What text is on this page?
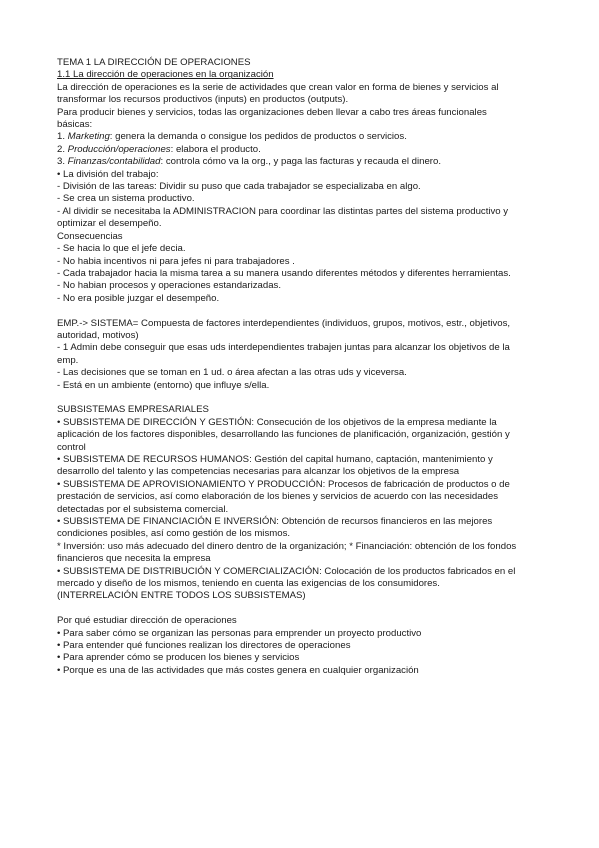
TEMA 1 LA DIRECCIÓN DE OPERACIONES
1.1 La dirección de operaciones en la organización
La dirección de operaciones es la serie de actividades que crean valor en forma de bienes y servicios al
transformar los recursos productivos (inputs) en productos (outputs).
Para producir bienes y servicios, todas las organizaciones deben llevar a cabo tres áreas funcionales
básicas:
1. Marketing: genera la demanda o consigue los pedidos de productos o servicios.
2. Producción/operaciones: elabora el producto.
3. Finanzas/contabilidad: controla cómo va la org., y paga las facturas y recauda el dinero.
• La división del trabajo:
- División de las tareas: Dividir su puso que cada trabajador se especializaba en algo.
- Se crea un sistema productivo.
- Al dividir se necesitaba la ADMINISTRACION para coordinar las distintas partes del sistema productivo y
optimizar el desempeño.
Consecuencias
- Se hacia lo que el jefe decia.
- No habia incentivos ni para jefes ni para trabajadores .
- Cada trabajador hacia la misma tarea a su manera usando diferentes métodos y diferentes herramientas.
- No habian procesos y operaciones estandarizadas.
- No era posible juzgar el desempeño.
EMP.-> SISTEMA= Compuesta de factores interdependientes (individuos, grupos, motivos, estr., objetivos,
autoridad, motivos)
- 1 Admin debe conseguir que esas uds interdependientes trabajen juntas para alcanzar los objetivos de la
emp.
- Las decisiones que se toman en 1 ud. o área afectan a las otras uds y viceversa.
- Está en un ambiente (entorno) que influye s/ella.
SUBSISTEMAS EMPRESARIALES
• SUBSISTEMA DE DIRECCIÓN Y GESTIÓN: Consecución de los objetivos de la empresa mediante la
aplicación de los factores disponibles, desarrollando las funciones de planificación, organización, gestión y
control
• SUBSISTEMA DE RECURSOS HUMANOS: Gestión del capital humano, captación, mantenimiento y
desarrollo del talento y las competencias necesarias para alcanzar los objetivos de la empresa
• SUBSISTEMA DE APROVISIONAMIENTO Y PRODUCCIÓN: Procesos de fabricación de productos o de
prestación de servicios, así como elaboración de los bienes y servicios de acuerdo con las necesidades
detectadas por el subsistema comercial.
• SUBSISTEMA DE FINANCIACIÓN E INVERSIÓN: Obtención de recursos financieros en las mejores
condiciones posibles, así como gestión de los mismos.
* Inversión: uso más adecuado del dinero dentro de la organización; * Financiación: obtención de los fondos
financieros que necesita la empresa
• SUBSISTEMA DE DISTRIBUCIÓN Y COMERCIALIZACIÓN: Colocación de los productos fabricados en el
mercado y diseño de los mismos, teniendo en cuenta las exigencias de los consumidores.
(INTERRELACIÓN ENTRE TODOS LOS SUBSISTEMAS)
Por qué estudiar dirección de operaciones
• Para saber cómo se organizan las personas para emprender un proyecto productivo
• Para entender qué funciones realizan los directores de operaciones
• Para aprender cómo se producen los bienes y servicios
• Porque es una de las actividades que más costes genera en cualquier organización
